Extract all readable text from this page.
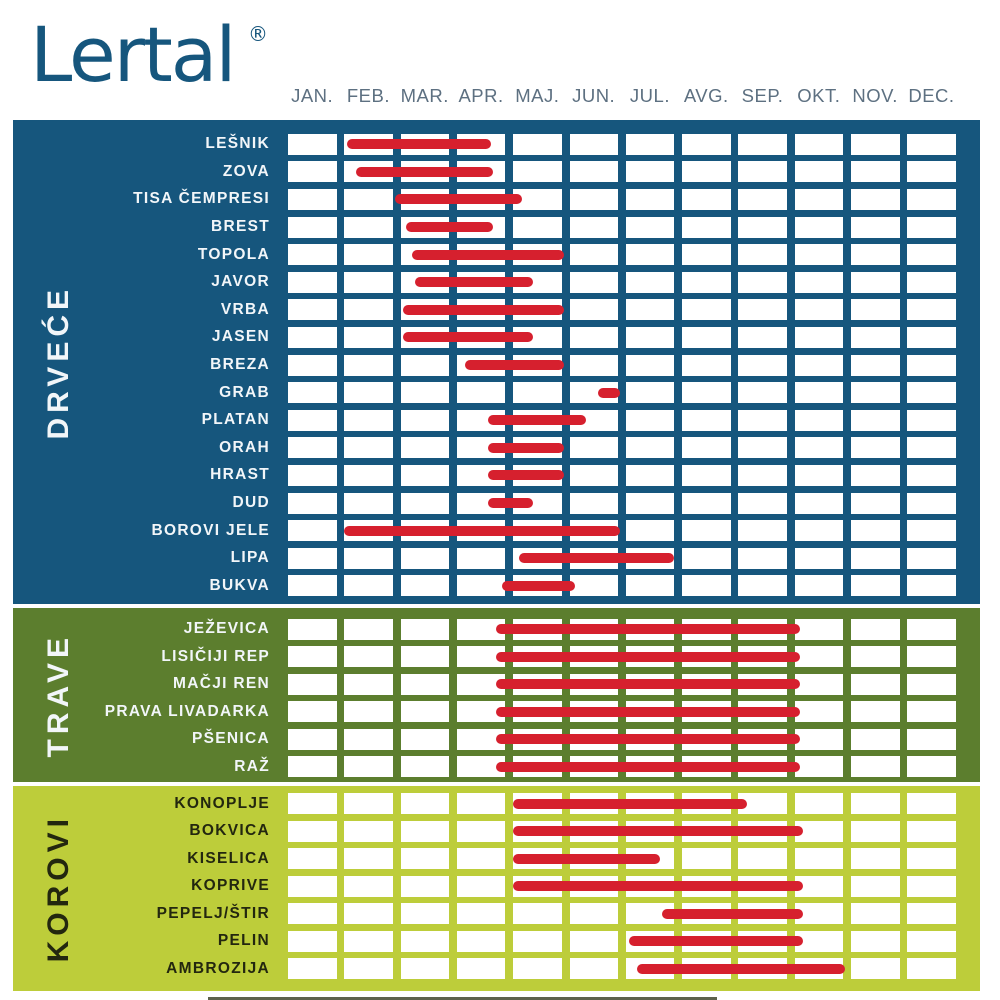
Lertal ®
JAN. FEB. MAR. APR. MAJ. JUN. JUL. AVG. SEP. OKT. NOV. DEC.
DRVEĆE
LEŠNIK
ZOVA
TISA ČEMPRESI
BREST
TOPOLA
JAVOR
VRBA
JASEN
BREZA
GRAB
PLATAN
ORAH
HRAST
DUD
BOROVI JELE
LIPA
BUKVA
TRAVE
JEŽEVICA
LISIČIJI REP
MAČJI REN
PRAVA LIVADARKA
PŠENICA
RAŽ
KOROVI
KONOPLJE
BOKVICA
KISELICA
KOPRIVE
PEPELJ/ŠTIR
PELIN
AMBROZIJA
